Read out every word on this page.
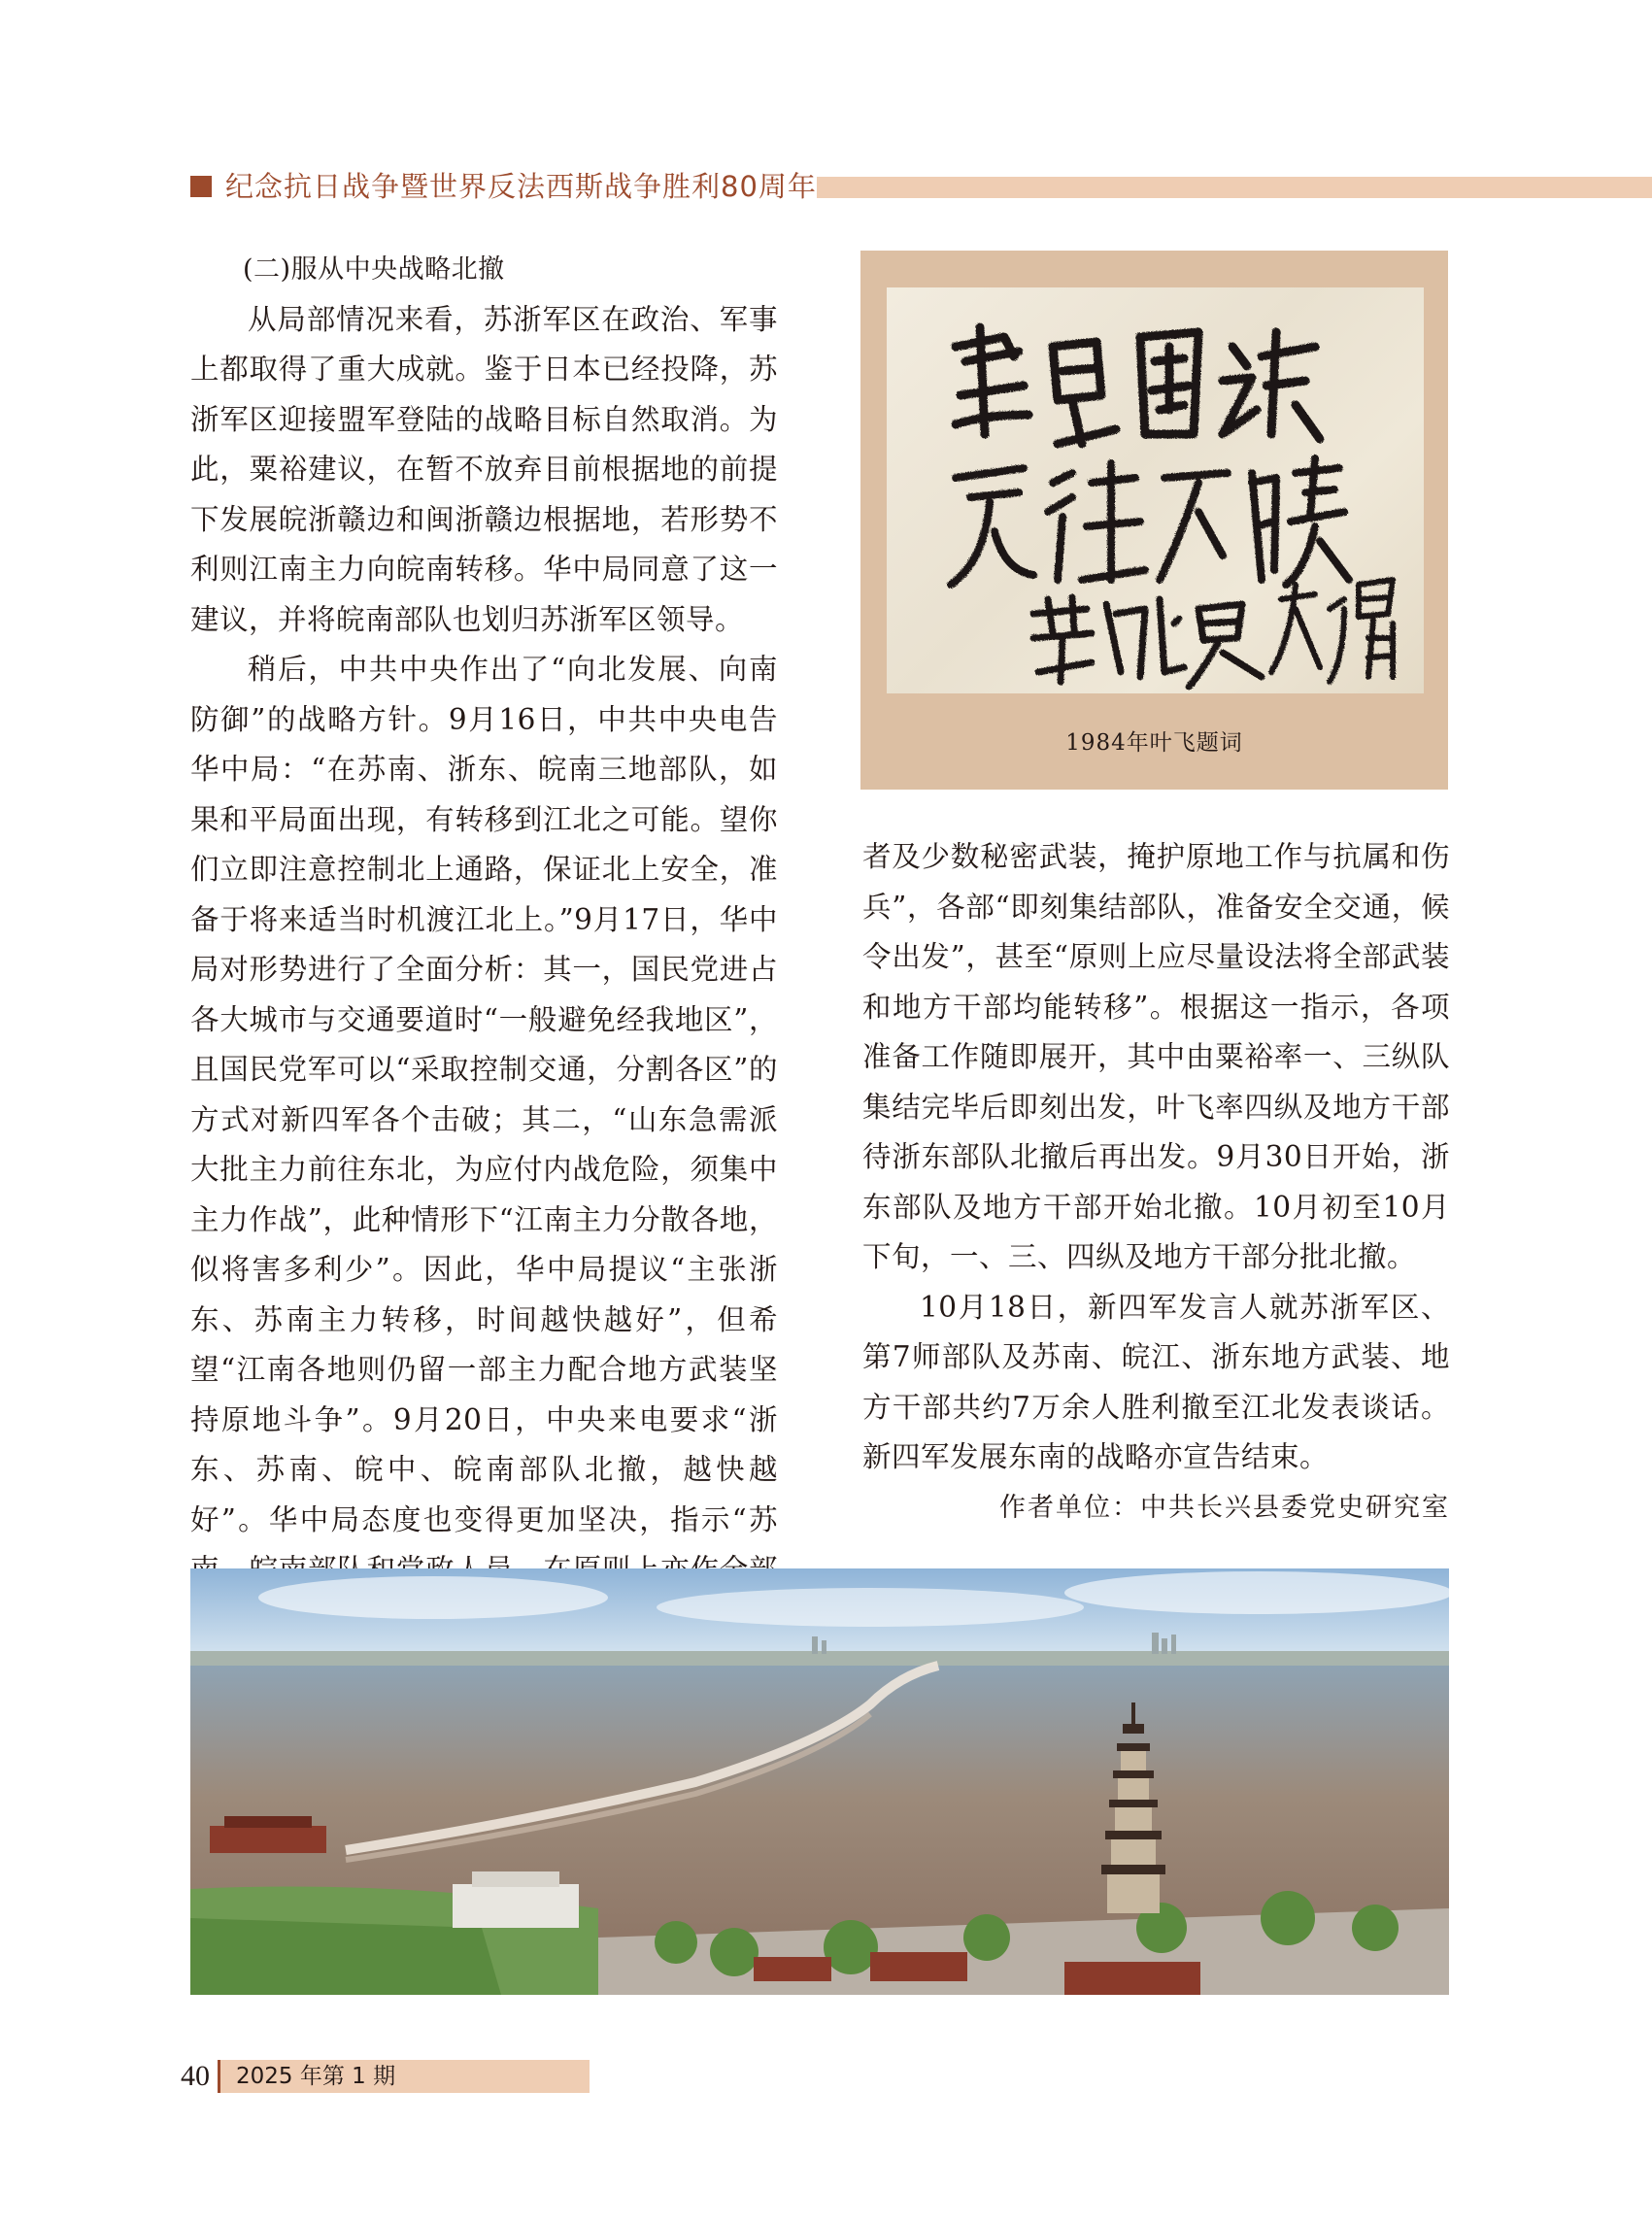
纪念抗日战争暨世界反法西斯战争胜利80周年

(二)服从中央战略北撤

从局部情况来看，苏浙军区在政治、军事上都取得了重大成就。鉴于日本已经投降，苏浙军区迎接盟军登陆的战略目标自然取消。为此，粟裕建议，在暂不放弃目前根据地的前提下发展皖浙赣边和闽浙赣边根据地，若形势不利则江南主力向皖南转移。华中局同意了这一建议，并将皖南部队也划归苏浙军区领导。

稍后，中共中央作出了“向北发展、向南防御”的战略方针。9月16日，中共中央电告华中局：“在苏南、浙东、皖南三地部队，如果和平局面出现，有转移到江北之可能。望你们立即注意控制北上通路，保证北上安全，准备于将来适当时机渡江北上。”9月17日，华中局对形势进行了全面分析：其一，国民党进占各大城市与交通要道时“一般避免经我地区”，且国民党军可以“采取控制交通，分割各区”的方式对新四军各个击破；其二，“山东急需派大批主力前往东北，为应付内战危险，须集中主力作战”，此种情形下“江南主力分散各地，似将害多利少”。因此，华中局提议“主张浙东、苏南主力转移，时间越快越好”，但希望“江南各地则仍留一部主力配合地方武装坚持原地斗争”。9月20日，中央来电要求“浙东、苏南、皖中、皖南部队北撤，越快越好”。华中局态度也变得更加坚决，指示“苏

1984年叶飞题词

者及少数秘密武装，掩护原地工作与抗属和伤兵”，各部“即刻集结部队，准备安全交通，候令出发”，甚至“原则上应尽量设法将全部武装和地方干部均能转移”。根据这一指示，各项准备工作随即展开，其中由粟裕率一、三纵队集结完毕后即刻出发，叶飞率四纵及地方干部待浙东部队北撤后再出发。9月30日开始，浙东部队及地方干部开始北撤。10月初至10月下旬，一、三、四纵及地方干部分批北撤。

10月18日，新四军发言人就苏浙军区、第7师部队及苏南、皖江、浙东地方武装、地方干部共约7万余人胜利撤至江北发表谈话。新四军发展东南的战略亦宣告结束。

作者单位：中共长兴县委党史研究室

40	2025 年第 1 期
